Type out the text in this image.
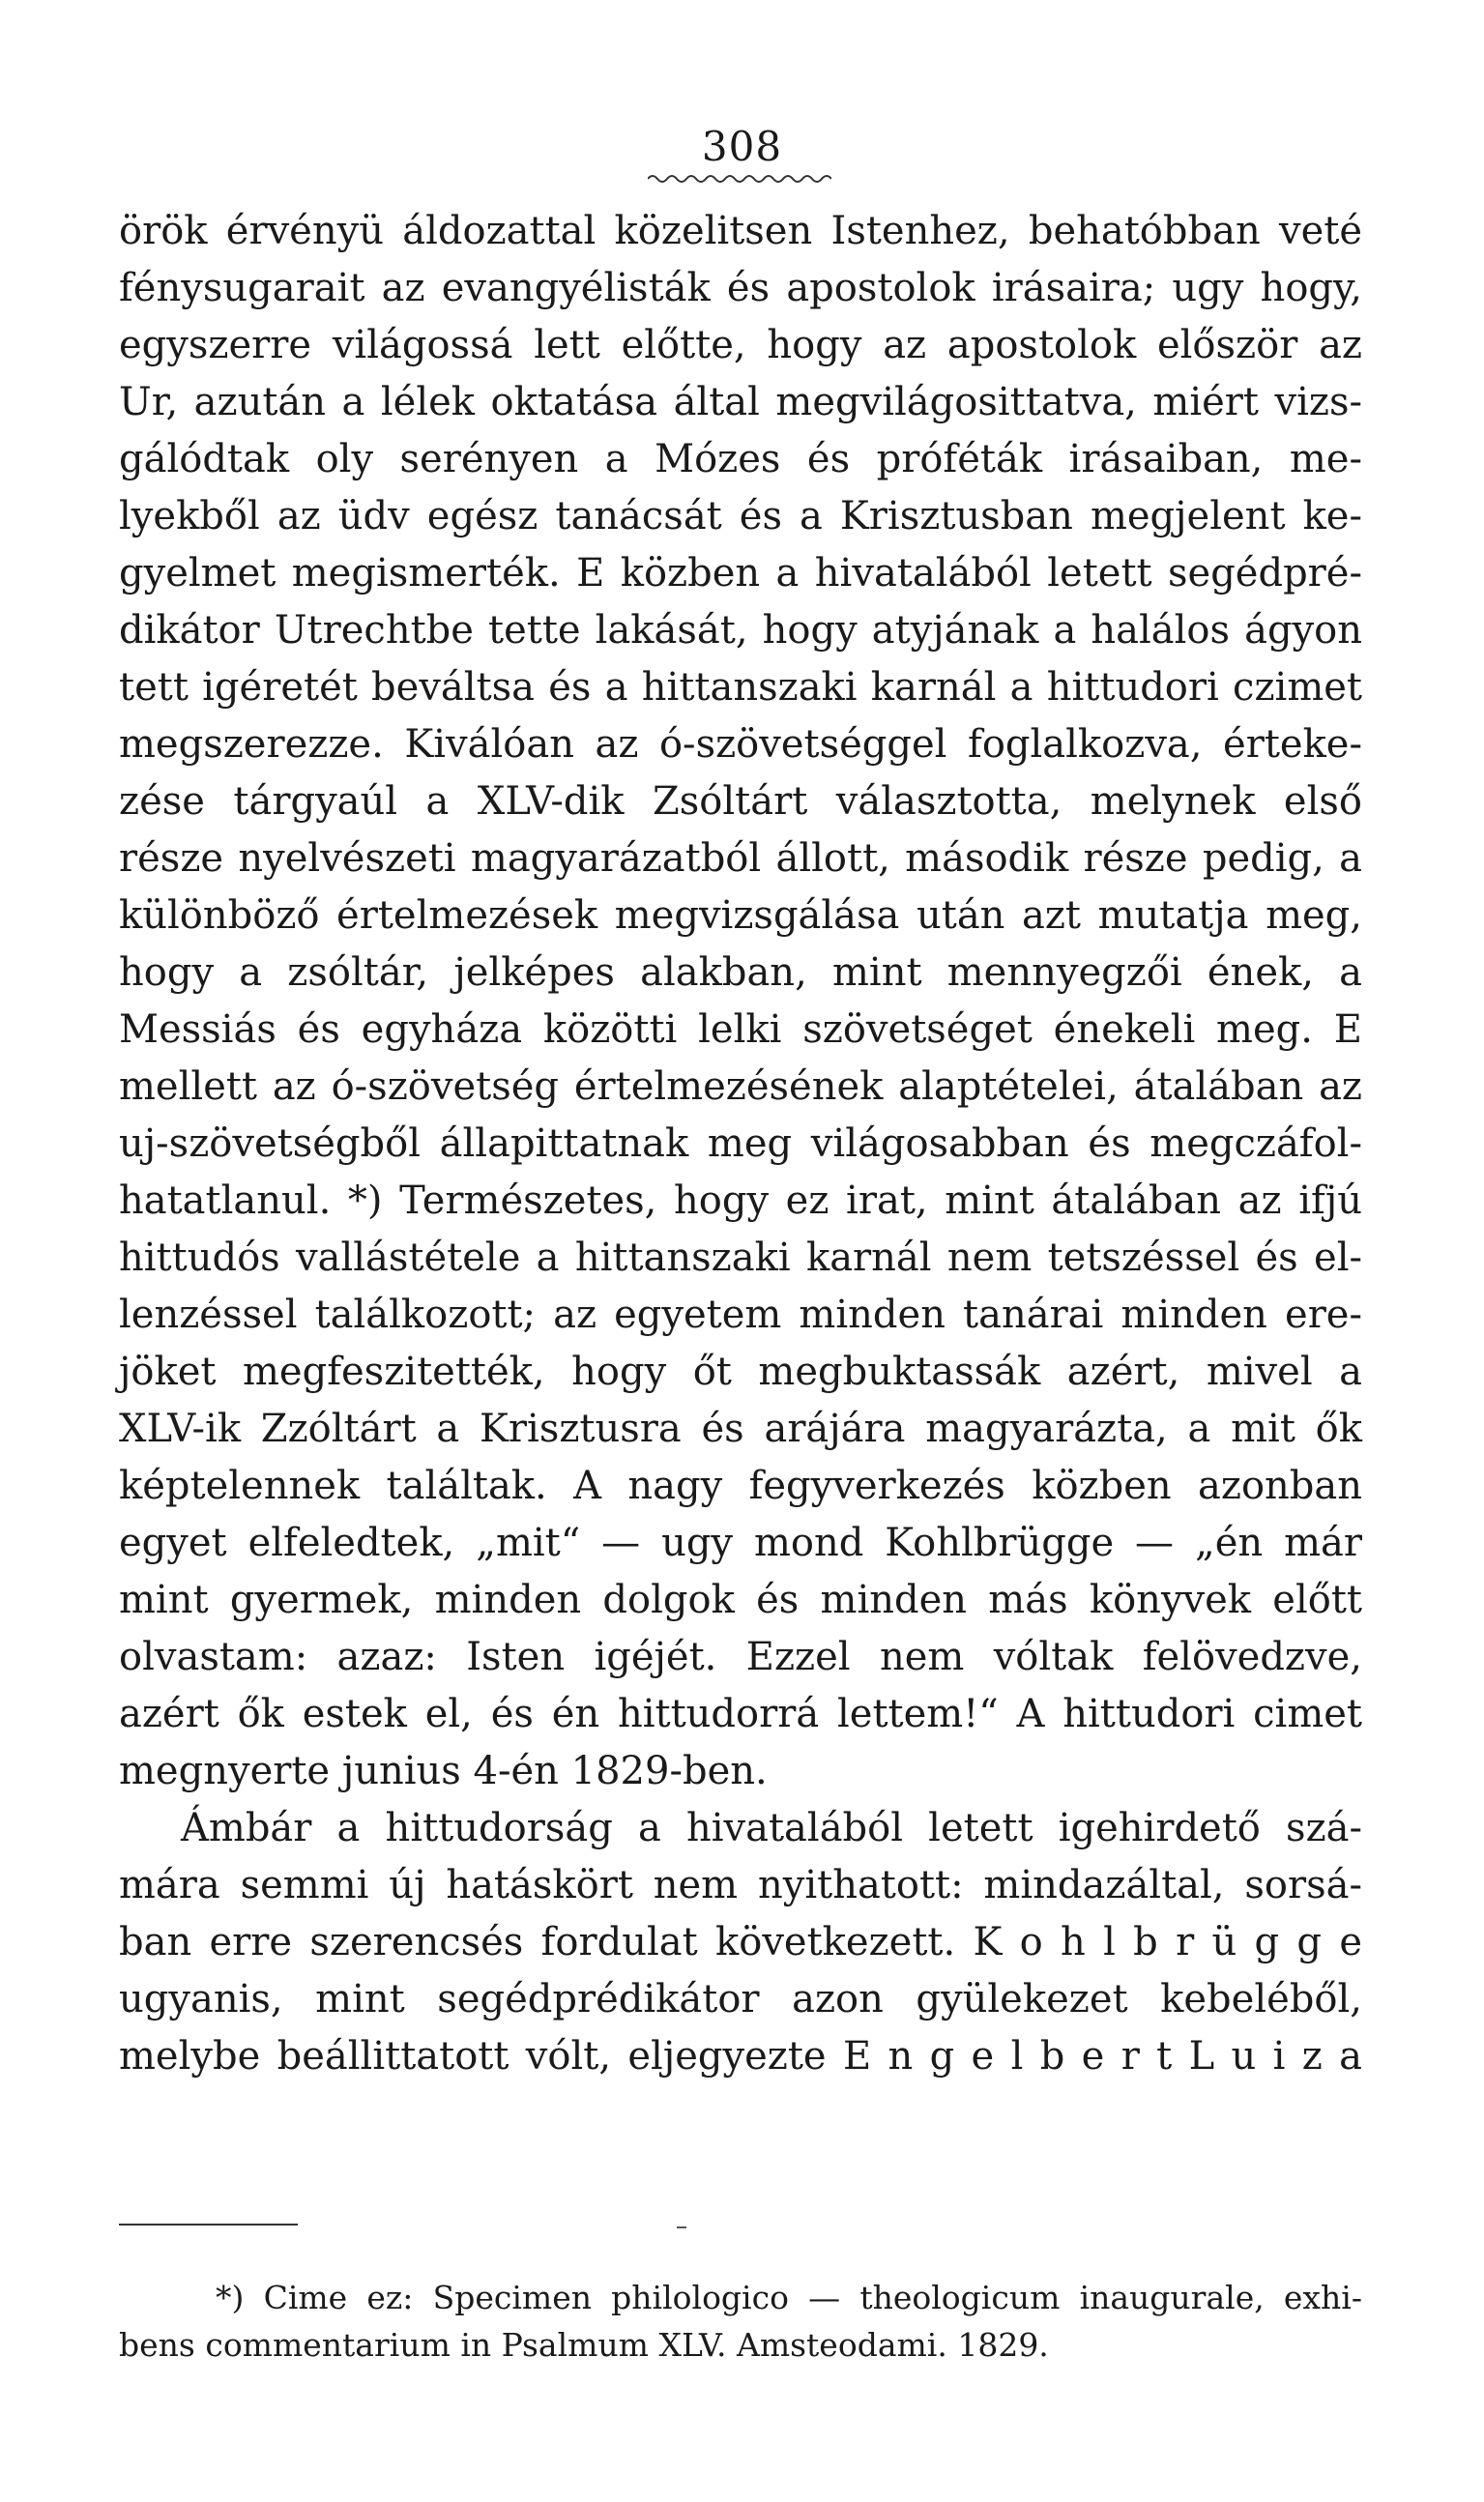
308
örök érvényü áldozattal közelitsen Istenhez, behatóbban veté
fénysugarait az evangyélisták és apostolok irásaira; ugy hogy,
egyszerre világossá lett előtte, hogy az apostolok először az
Ur, azután a lélek oktatása által megvilágosittatva, miért vizs-
gálódtak oly serényen a Mózes és próféták irásaiban, me-
lyekből az üdv egész tanácsát és a Krisztusban megjelent ke-
gyelmet megismerték. E közben a hivatalából letett segédpré-
dikátor Utrechtbe tette lakását, hogy atyjának a halálos ágyon
tett igéretét beváltsa és a hittanszaki karnál a hittudori czimet
megszerezze. Kiválóan az ó-szövetséggel foglalkozva, érteke-
zése tárgyaúl a XLV-dik Zsóltárt választotta, melynek első
része nyelvészeti magyarázatból állott, második része pedig, a
különböző értelmezések megvizsgálása után azt mutatja meg,
hogy a zsóltár, jelképes alakban, mint mennyegzői ének, a
Messiás és egyháza közötti lelki szövetséget énekeli meg. E
mellett az ó-szövetség értelmezésének alaptételei, átalában az
uj-szövetségből állapittatnak meg világosabban és megczáfol-
hatatlanul. *) Természetes, hogy ez irat, mint átalában az ifjú
hittudós vallástétele a hittanszaki karnál nem tetszéssel és el-
lenzéssel találkozott; az egyetem minden tanárai minden ere-
jöket megfeszitették, hogy őt megbuktassák azért, mivel a
XLV-ik Zzóltárt a Krisztusra és arájára magyarázta, a mit ők
képtelennek találtak. A nagy fegyverkezés közben azonban
egyet elfeledtek, „mit“ — ugy mond Kohlbrügge — „én már
mint gyermek, minden dolgok és minden más könyvek előtt
olvastam: azaz: Isten igéjét. Ezzel nem vóltak felövedzve,
azért ők estek el, és én hittudorrá lettem!“ A hittudori cimet
megnyerte junius 4-én 1829-ben.
Ámbár a hittudorság a hivatalából letett igehirdető szá-
mára semmi új hatáskört nem nyithatott: mindazáltal, sorsá-
ban erre szerencsés fordulat következett. K o h l b r ü g g e
ugyanis, mint segédprédikátor azon gyülekezet kebeléből,
melybe beállittatott vólt, eljegyezte E n g e l b e r t L u i z a
*) Cime ez: Specimen philologico — theologicum inaugurale, exhi-
bens commentarium in Psalmum XLV. Amsteodami. 1829.
